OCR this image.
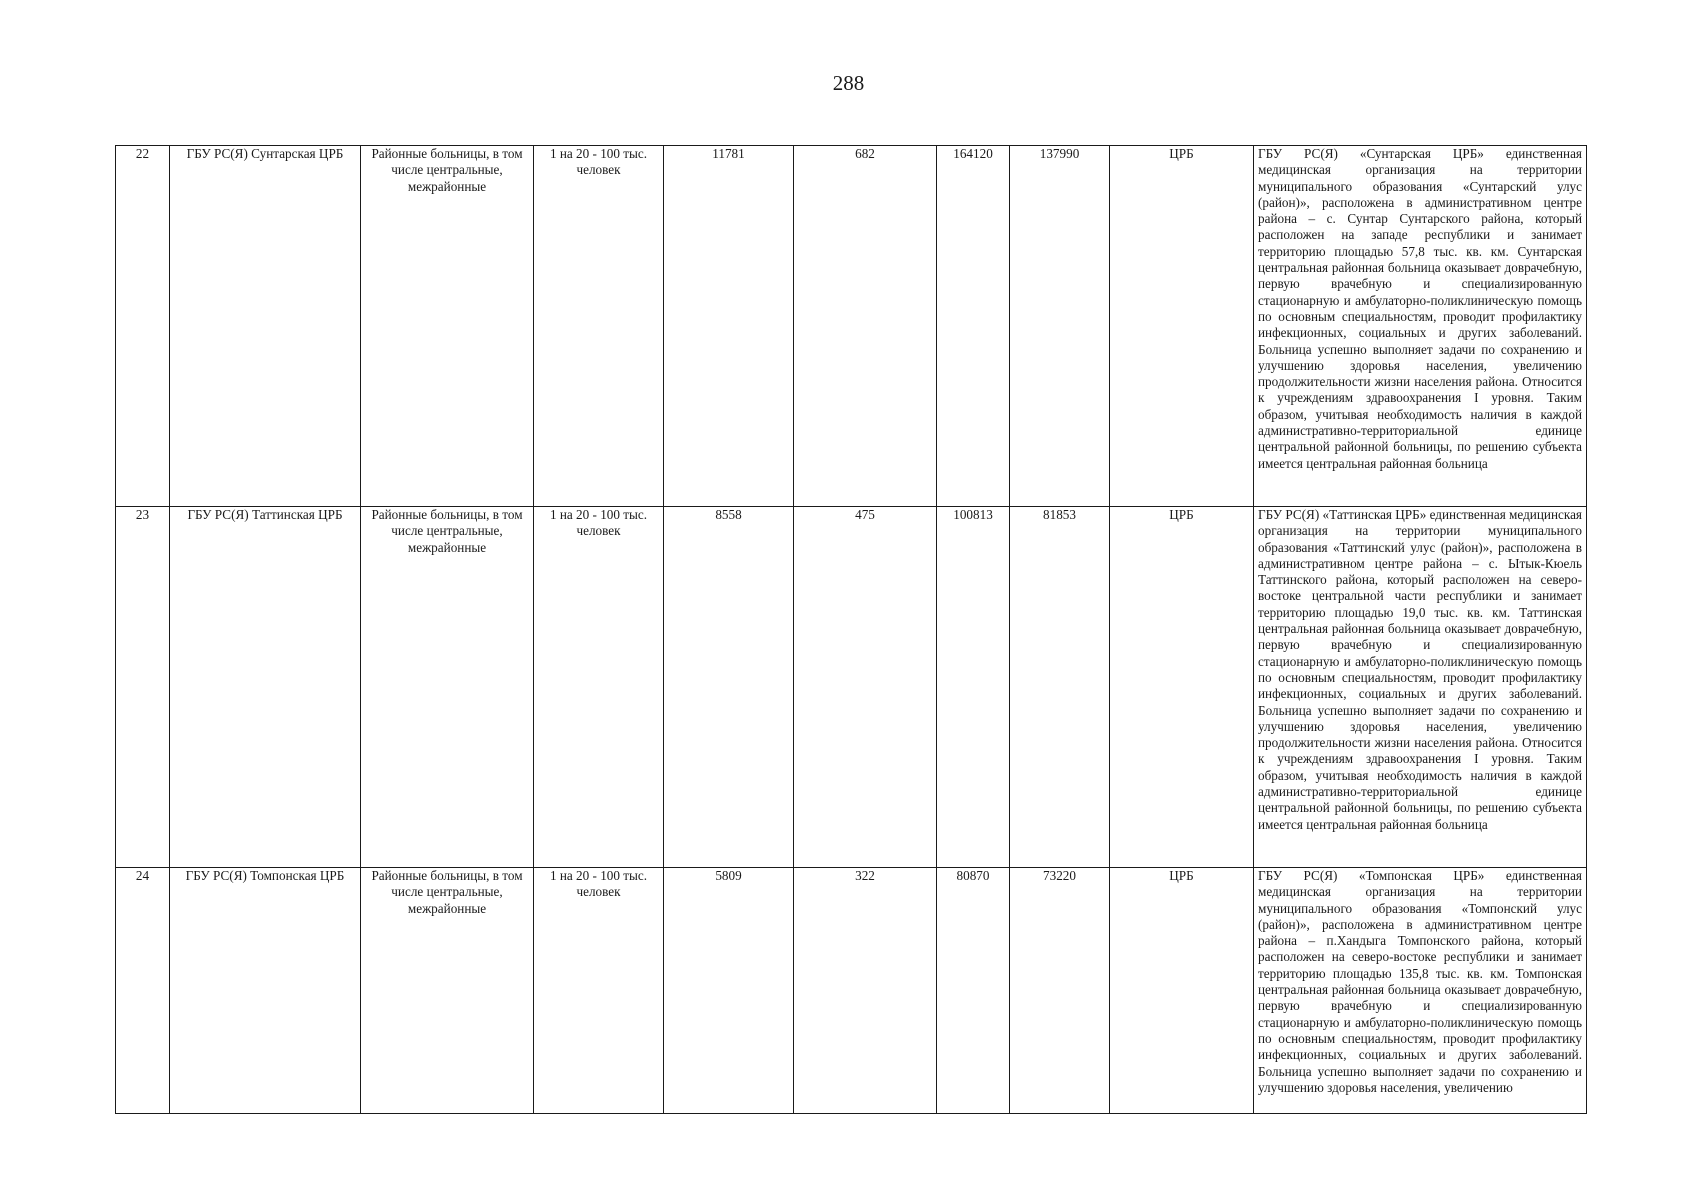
288
22	ГБУ РС(Я) Сунтарская ЦРБ	Районные больницы, в том числе центральные, межрайонные	1 на 20 - 100 тыс. человек	11781	682	164120	137990	ЦРБ	ГБУ РС(Я) «Сунтарская ЦРБ» единственная медицинская организация на территории муниципального образования «Сунтарский улус (район)», расположена в административном центре района – с. Сунтар Сунтарского района, который расположен на западе республики и занимает территорию площадью 57,8 тыс. кв. км. Сунтарская центральная районная больница оказывает доврачебную, первую врачебную и специализированную стационарную и амбулаторно-поликлиническую помощь по основным специальностям, проводит профилактику инфекционных, социальных и других заболеваний. Больница успешно выполняет задачи по сохранению и улучшению здоровья населения, увеличению продолжительности жизни населения района. Относится к учреждениям здравоохранения I уровня. Таким образом, учитывая необходимость наличия в каждой административно-территориальной единице центральной районной больницы, по решению субъекта имеется центральная районная больница

23	ГБУ РС(Я) Таттинская ЦРБ	Районные больницы, в том числе центральные, межрайонные	1 на 20 - 100 тыс. человек	8558	475	100813	81853	ЦРБ	ГБУ РС(Я) «Таттинская ЦРБ» единственная медицинская организация на территории муниципального образования «Таттинский улус (район)», расположена в административном центре района – с. Ытык-Кюель Таттинского района, который расположен на северо-востоке центральной части республики и занимает территорию площадью 19,0 тыс. кв. км. Таттинская центральная районная больница оказывает доврачебную, первую врачебную и специализированную стационарную и амбулаторно-поликлиническую помощь по основным специальностям, проводит профилактику инфекционных, социальных и других заболеваний. Больница успешно выполняет задачи по сохранению и улучшению здоровья населения, увеличению продолжительности жизни населения района. Относится к учреждениям здравоохранения I уровня. Таким образом, учитывая необходимость наличия в каждой административно-территориальной единице центральной районной больницы, по решению субъекта имеется центральная районная больница

24	ГБУ РС(Я) Томпонская ЦРБ	Районные больницы, в том числе центральные, межрайонные	1 на 20 - 100 тыс. человек	5809	322	80870	73220	ЦРБ	ГБУ РС(Я) «Томпонская ЦРБ» единственная медицинская организация на территории муниципального образования «Томпонский улус (район)», расположена в административном центре района – п.Хандыга Томпонского района, который расположен на северо-востоке республики и занимает территорию площадью 135,8 тыс. кв. км. Томпонская центральная районная больница оказывает доврачебную, первую врачебную и специализированную стационарную и амбулаторно-поликлиническую помощь по основным специальностям, проводит профилактику инфекционных, социальных и других заболеваний. Больница успешно выполняет задачи по сохранению и улучшению здоровья населения, увеличению
